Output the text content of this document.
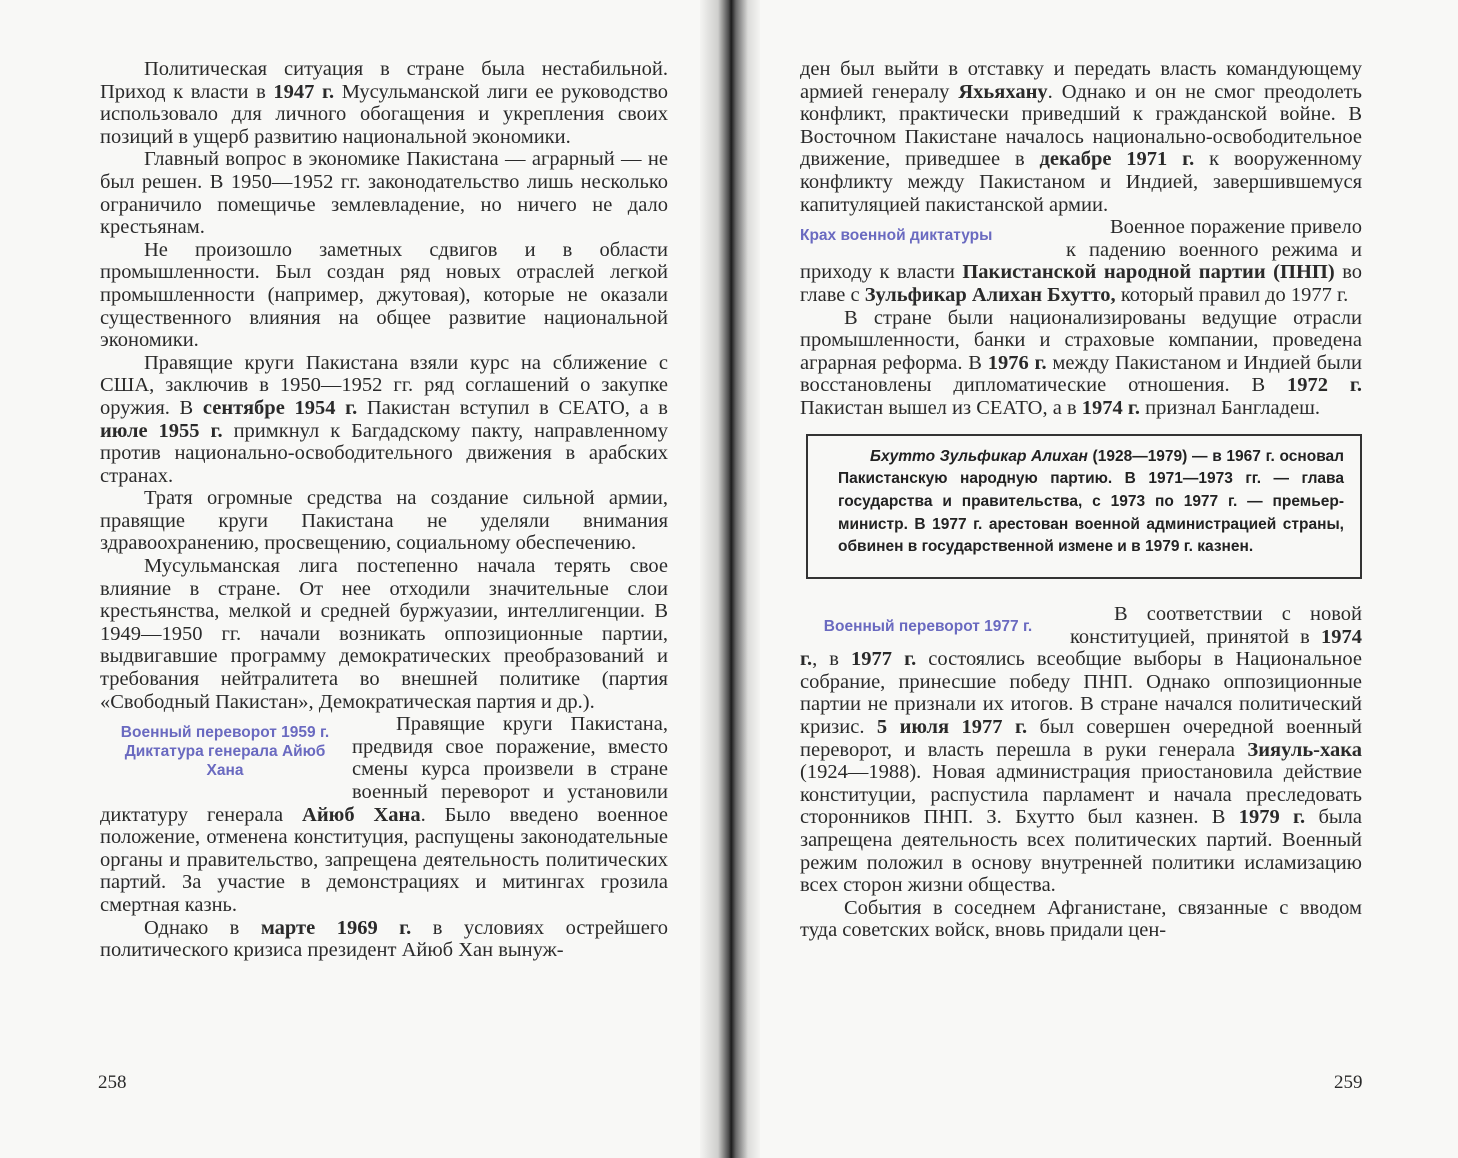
Политическая ситуация в стране была нестабильной. Приход к власти в 1947 г. Мусульманской лиги ее руководство использовало для личного обогащения и укрепления своих позиций в ущерб развитию национальной экономики.

Главный вопрос в экономике Пакистана — аграрный — не был решен. В 1950—1952 гг. законодательство лишь несколько ограничило помещичье землевладение, но ничего не дало крестьянам.

Не произошло заметных сдвигов и в области промышленности. Был создан ряд новых отраслей легкой промышленности (например, джутовая), которые не оказали существенного влияния на общее развитие национальной экономики.

Правящие круги Пакистана взяли курс на сближение с США, заключив в 1950—1952 гг. ряд соглашений о закупке оружия. В сентябре 1954 г. Пакистан вступил в СЕАТО, а в июле 1955 г. примкнул к Багдадскому пакту, направленному против национально-освободительного движения в арабских странах.

Тратя огромные средства на создание сильной армии, правящие круги Пакистана не уделяли внимания здравоохранению, просвещению, социальному обеспечению.

Мусульманская лига постепенно начала терять свое влияние в стране. От нее отходили значительные слои крестьянства, мелкой и средней буржуазии, интеллигенции. В 1949—1950 гг. начали возникать оппозиционные партии, выдвигавшие программу демократических преобразований и требования нейтралитета во внешней политике (партия «Свободный Пакистан», Демократическая партия и др.).

Военный переворот 1959 г. Диктатура генерала Айюб Хана

Правящие круги Пакистана, предвидя свое поражение, вместо смены курса произвели в стране военный переворот и установили диктатуру генерала Айюб Хана. Было введено военное положение, отменена конституция, распущены законодательные органы и правительство, запрещена деятельность политических партий. За участие в демонстрациях и митингах грозила смертная казнь.

Однако в марте 1969 г. в условиях острейшего политического кризиса президент Айюб Хан вынуж-

258

ден был выйти в отставку и передать власть командующему армией генералу Яхьяхану. Однако и он не смог преодолеть конфликт, практически приведший к гражданской войне. В Восточном Пакистане началось национально-освободительное движение, приведшее в декабре 1971 г. к вооруженному конфликту между Пакистаном и Индией, завершившемуся капитуляцией пакистанской армии.

Крах военной диктатуры	Военное поражение привело к падению военного режима и приходу к власти Пакистанской народной партии (ПНП) во главе с Зульфикар Алихан Бхутто, который правил до 1977 г.

В стране были национализированы ведущие отрасли промышленности, банки и страховые компании, проведена аграрная реформа. В 1976 г. между Пакистаном и Индией были восстановлены дипломатические отношения. В 1972 г. Пакистан вышел из СЕАТО, а в 1974 г. признал Бангладеш.

Бхутто Зульфикар Алихан (1928—1979) — в 1967 г. основал Пакистанскую народную партию. В 1971—1973 гг. — глава государства и правительства, с 1973 по 1977 г. — премьер-министр. В 1977 г. арестован военной администрацией страны, обвинен в государственной измене и в 1979 г. казнен.
Военный переворот 1977 г.

В соответствии с новой конституцией, принятой в 1974 г., в 1977 г. состоялись всеобщие выборы в Национальное собрание, принесшие победу ПНП. Однако оппозиционные партии не признали их итогов. В стране начался политический кризис. 5 июля 1977 г. был совершен очередной военный переворот, и власть перешла в руки генерала Зияуль-хака (1924—1988). Новая администрация приостановила действие конституции, распустила парламент и начала преследовать сторонников ПНП. З. Бхутто был казнен. В 1979 г. была запрещена деятельность всех политических партий. Военный режим положил в основу внутренней политики исламизацию всех сторон жизни общества.

События в соседнем Афганистане, связанные с вводом туда советских войск, вновь придали цен-

259
